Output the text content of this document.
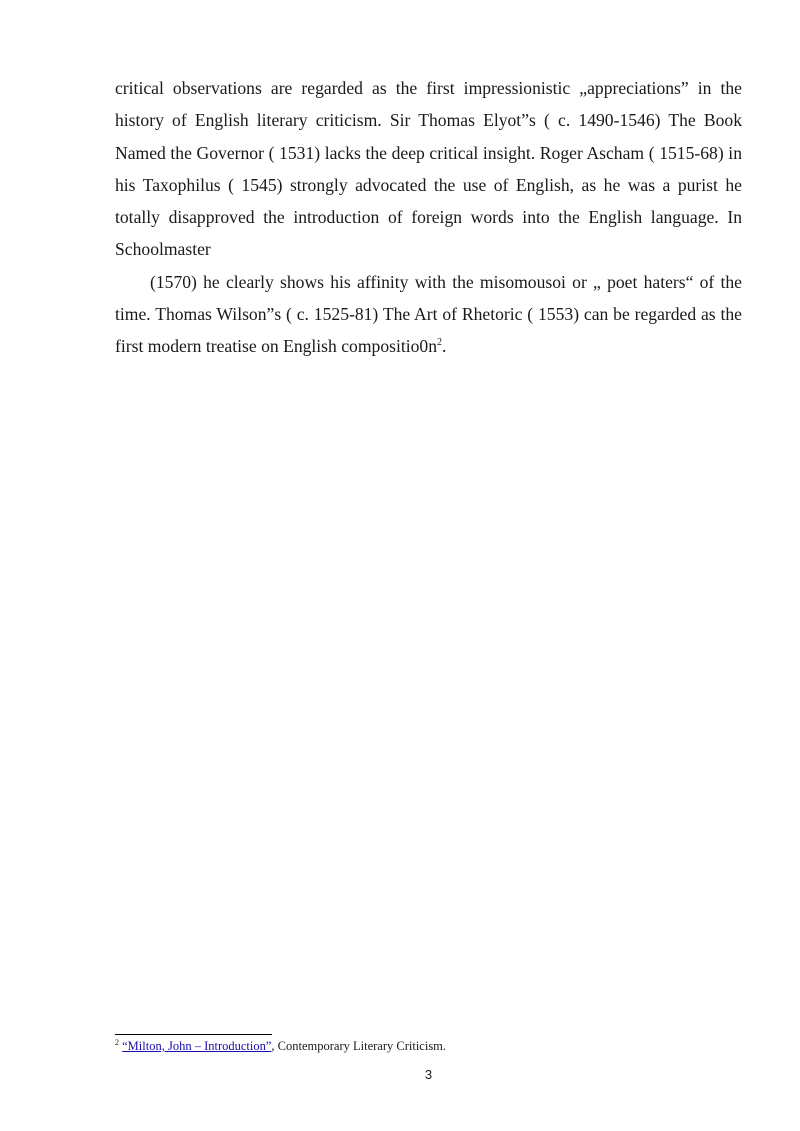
critical observations are regarded as the first impressionistic „appreciations” in the history of English literary criticism. Sir Thomas Elyot”s ( c. 1490-1546) The Book Named the Governor ( 1531) lacks the deep critical insight. Roger Ascham ( 1515-68) in his Taxophilus ( 1545) strongly advocated the use of English, as he was a purist he totally disapproved the introduction of foreign words into the English language. In Schoolmaster

(1570) he clearly shows his affinity with the misomousoi or „ poet haters“ of the time. Thomas Wilson”s ( c. 1525-81) The Art of Rhetoric ( 1553) can be regarded as the first modern treatise on English $compositio0n^2$.

$^2$ “Milton, John – Introduction”, Contemporary Literary Criticism.
3
